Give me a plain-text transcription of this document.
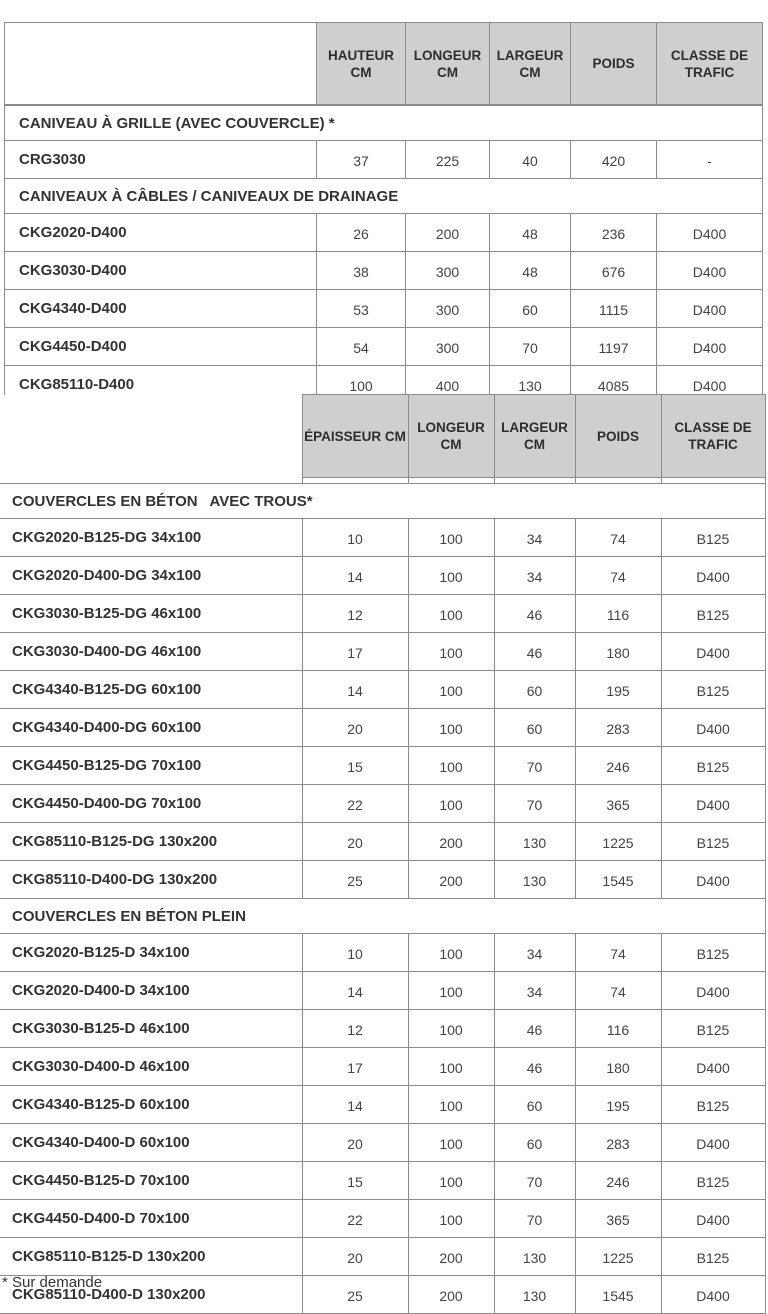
	HAUTEUR CM	LONGEUR CM	LARGEUR CM	POIDS	CLASSE DE TRAFIC
CANIVEAU À GRILLE (AVEC COUVERCLE) *					
CRG3030	37	225	40	420	-
CANIVEAUX À CÂBLES / CANIVEAUX DE DRAINAGE					
CKG2020-D400	26	200	48	236	D400
CKG3030-D400	38	300	48	676	D400
CKG4340-D400	53	300	60	1115	D400
CKG4450-D400	54	300	70	1197	D400
CKG85110-D400	100	400	130	4085	D400
	ÉPAISSEUR CM	LONGEUR CM	LARGEUR CM	POIDS	CLASSE DE TRAFIC

COUVERCLES EN BÉTON   AVEC TROUS*					
CKG2020-B125-DG 34x100	10	100	34	74	B125
CKG2020-D400-DG 34x100	14	100	34	74	D400
CKG3030-B125-DG 46x100	12	100	46	116	B125
CKG3030-D400-DG 46x100	17	100	46	180	D400
CKG4340-B125-DG 60x100	14	100	60	195	B125
CKG4340-D400-DG 60x100	20	100	60	283	D400
CKG4450-B125-DG 70x100	15	100	70	246	B125
CKG4450-D400-DG 70x100	22	100	70	365	D400
CKG85110-B125-DG 130x200	20	200	130	1225	B125
CKG85110-D400-DG 130x200	25	200	130	1545	D400
COUVERCLES EN BÉTON PLEIN					
CKG2020-B125-D 34x100	10	100	34	74	B125
CKG2020-D400-D 34x100	14	100	34	74	D400
CKG3030-B125-D 46x100	12	100	46	116	B125
CKG3030-D400-D 46x100	17	100	46	180	D400
CKG4340-B125-D 60x100	14	100	60	195	B125
CKG4340-D400-D 60x100	20	100	60	283	D400
CKG4450-B125-D 70x100	15	100	70	246	B125
CKG4450-D400-D 70x100	22	100	70	365	D400
CKG85110-B125-D 130x200	20	200	130	1225	B125
CKG85110-D400-D 130x200	25	200	130	1545	D400
* Sur demande
